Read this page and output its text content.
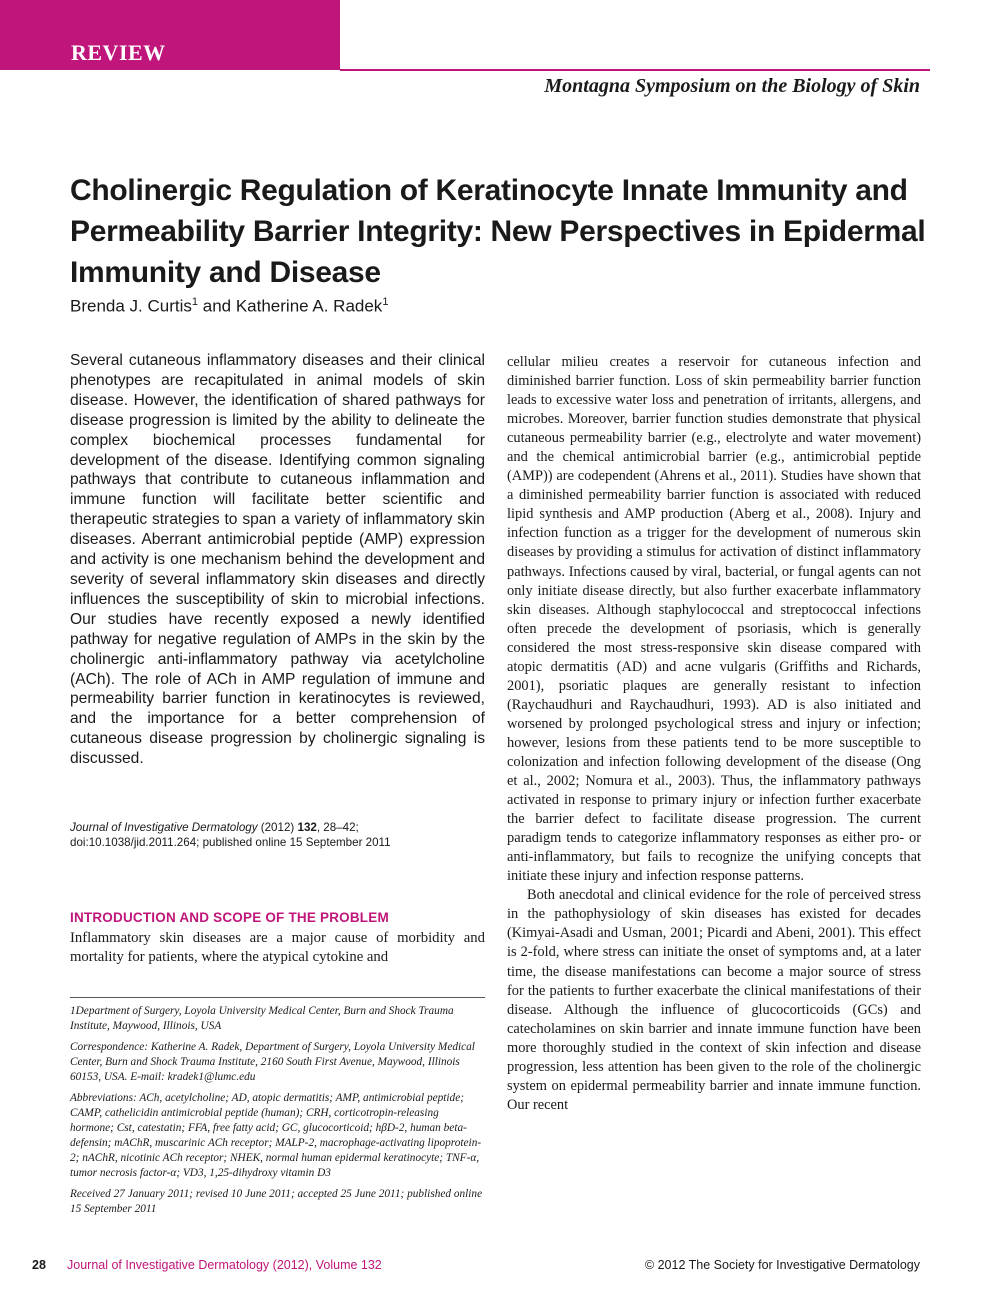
REVIEW
Montagna Symposium on the Biology of Skin
Cholinergic Regulation of Keratinocyte Innate Immunity and Permeability Barrier Integrity: New Perspectives in Epidermal Immunity and Disease
Brenda J. Curtis$^1$ and Katherine A. Radek$^1$
Several cutaneous inflammatory diseases and their clinical phenotypes are recapitulated in animal models of skin disease. However, the identification of shared pathways for disease progression is limited by the ability to delineate the complex biochemical processes fundamental for development of the disease. Identifying common signaling pathways that contribute to cutaneous inflammation and immune function will facilitate better scientific and therapeutic strategies to span a variety of inflammatory skin diseases. Aberrant antimicrobial peptide (AMP) expression and activity is one mechanism behind the development and severity of several inflammatory skin diseases and directly influences the susceptibility of skin to microbial infections. Our studies have recently exposed a newly identified pathway for negative regulation of AMPs in the skin by the cholinergic anti-inflammatory pathway via acetylcholine (ACh). The role of ACh in AMP regulation of immune and permeability barrier function in keratinocytes is reviewed, and the importance for a better comprehension of cutaneous disease progression by cholinergic signaling is discussed.
Journal of Investigative Dermatology (2012) 132, 28–42;
doi:10.1038/jid.2011.264; published online 15 September 2011
INTRODUCTION AND SCOPE OF THE PROBLEM
Inflammatory skin diseases are a major cause of morbidity and mortality for patients, where the atypical cytokine and

1Department of Surgery, Loyola University Medical Center, Burn and Shock Trauma Institute, Maywood, Illinois, USA

Correspondence: Katherine A. Radek, Department of Surgery, Loyola University Medical Center, Burn and Shock Trauma Institute, 2160 South First Avenue, Maywood, Illinois 60153, USA. E-mail: kradek1@lumc.edu

Abbreviations: ACh, acetylcholine; AD, atopic dermatitis; AMP, antimicrobial peptide; CAMP, cathelicidin antimicrobial peptide (human); CRH, corticotropin-releasing hormone; Cst, catestatin; FFA, free fatty acid; GC, glucocorticoid; hβD-2, human beta-defensin; mAChR, muscarinic ACh receptor; MALP-2, macrophage-activating lipoprotein-2; nAChR, nicotinic ACh receptor; NHEK, normal human epidermal keratinocyte; TNF-α, tumor necrosis factor-α; VD3, 1,25-dihydroxy vitamin D3

Received 27 January 2011; revised 10 June 2011; accepted 25 June 2011; published online 15 September 2011

cellular milieu creates a reservoir for cutaneous infection and diminished barrier function. Loss of skin permeability barrier function leads to excessive water loss and penetration of irritants, allergens, and microbes. Moreover, barrier function studies demonstrate that physical cutaneous permeability barrier (e.g., electrolyte and water movement) and the chemical antimicrobial barrier (e.g., antimicrobial peptide (AMP)) are codependent (Ahrens et al., 2011). Studies have shown that a diminished permeability barrier function is associated with reduced lipid synthesis and AMP production (Aberg et al., 2008). Injury and infection function as a trigger for the development of numerous skin diseases by providing a stimulus for activation of distinct inflammatory pathways. Infections caused by viral, bacterial, or fungal agents can not only initiate disease directly, but also further exacerbate inflammatory skin diseases. Although staphylococcal and streptococcal infections often precede the development of psoriasis, which is generally considered the most stress-responsive skin disease compared with atopic dermatitis (AD) and acne vulgaris (Griffiths and Richards, 2001), psoriatic plaques are generally resistant to infection (Raychaudhuri and Raychaudhuri, 1993). AD is also initiated and worsened by prolonged psychological stress and injury or infection; however, lesions from these patients tend to be more susceptible to colonization and infection following development of the disease (Ong et al., 2002; Nomura et al., 2003). Thus, the inflammatory pathways activated in response to primary injury or infection further exacerbate the barrier defect to facilitate disease progression. The current paradigm tends to categorize inflammatory responses as either pro- or anti-inflammatory, but fails to recognize the unifying concepts that initiate these injury and infection response patterns.

Both anecdotal and clinical evidence for the role of perceived stress in the pathophysiology of skin diseases has existed for decades (Kimyai-Asadi and Usman, 2001; Picardi and Abeni, 2001). This effect is 2-fold, where stress can initiate the onset of symptoms and, at a later time, the disease manifestations can become a major source of stress for the patients to further exacerbate the clinical manifestations of their disease. Although the influence of glucocorticoids (GCs) and catecholamines on skin barrier and innate immune function have been more thoroughly studied in the context of skin infection and disease progression, less attention has been given to the role of the cholinergic system on epidermal permeability barrier and innate immune function. Our recent

28 Journal of Investigative Dermatology (2012), Volume 132	© 2012 The Society for Investigative Dermatology
